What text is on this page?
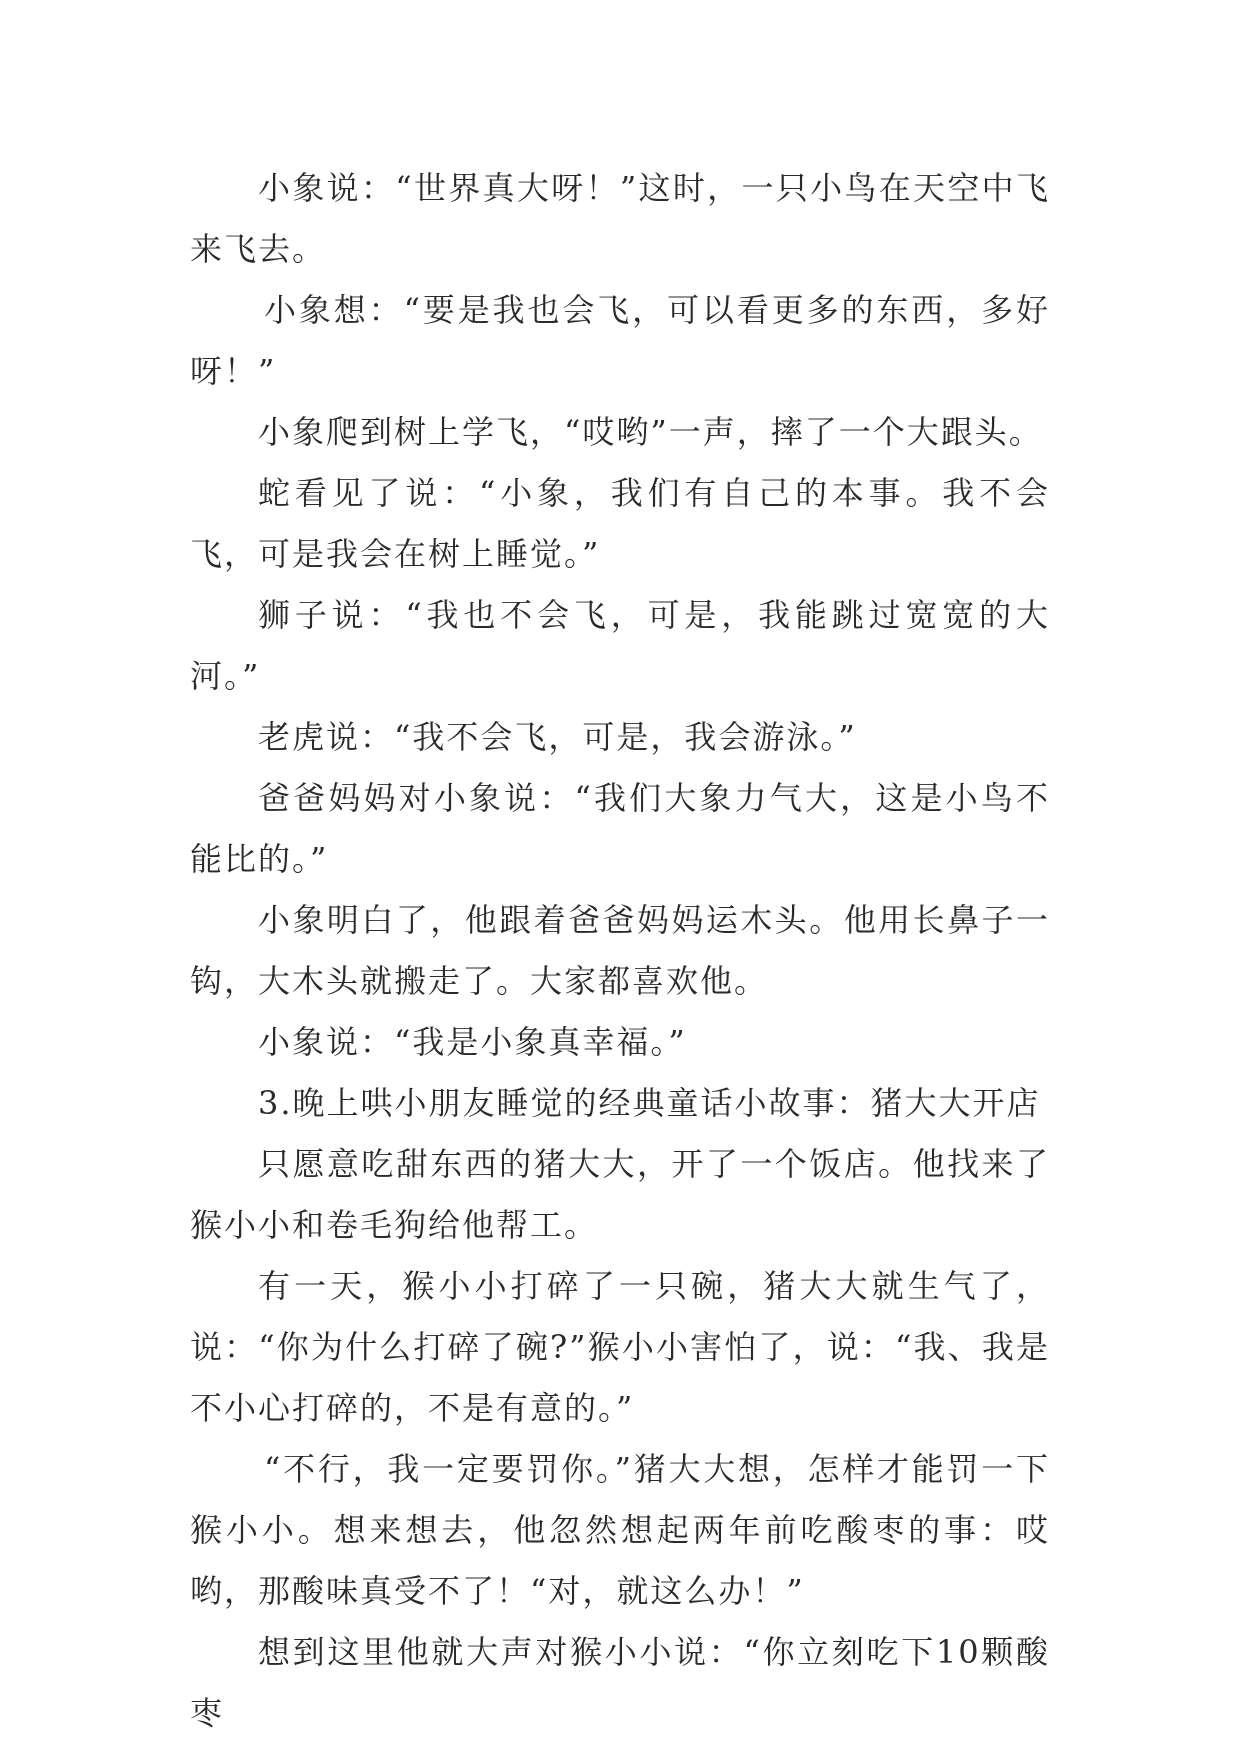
小象说：“世界真大呀！”这时，一只小鸟在天空中飞来飞去。

小象想：“要是我也会飞，可以看更多的东西，多好呀！”

小象爬到树上学飞，“哎哟”一声，摔了一个大跟头。

蛇看见了说：“小象，我们有自己的本事。我不会飞，可是我会在树上睡觉。”

狮子说：“我也不会飞，可是，我能跳过宽宽的大河。”

老虎说：“我不会飞，可是，我会游泳。”

爸爸妈妈对小象说：“我们大象力气大，这是小鸟不能比的。”

小象明白了，他跟着爸爸妈妈运木头。他用长鼻子一钩，大木头就搬走了。大家都喜欢他。

小象说：“我是小象真幸福。”

3.晚上哄小朋友睡觉的经典童话小故事：猪大大开店

只愿意吃甜东西的猪大大，开了一个饭店。他找来了猴小小和卷毛狗给他帮工。

有一天，猴小小打碎了一只碗，猪大大就生气了，说：“你为什么打碎了碗?”猴小小害怕了，说：“我、我是不小心打碎的，不是有意的。”

“不行，我一定要罚你。”猪大大想，怎样才能罚一下猴小小。想来想去，他忽然想起两年前吃酸枣的事：哎哟，那酸味真受不了！“对，就这么办！”

想到这里他就大声对猴小小说：“你立刻吃下10颗酸枣
